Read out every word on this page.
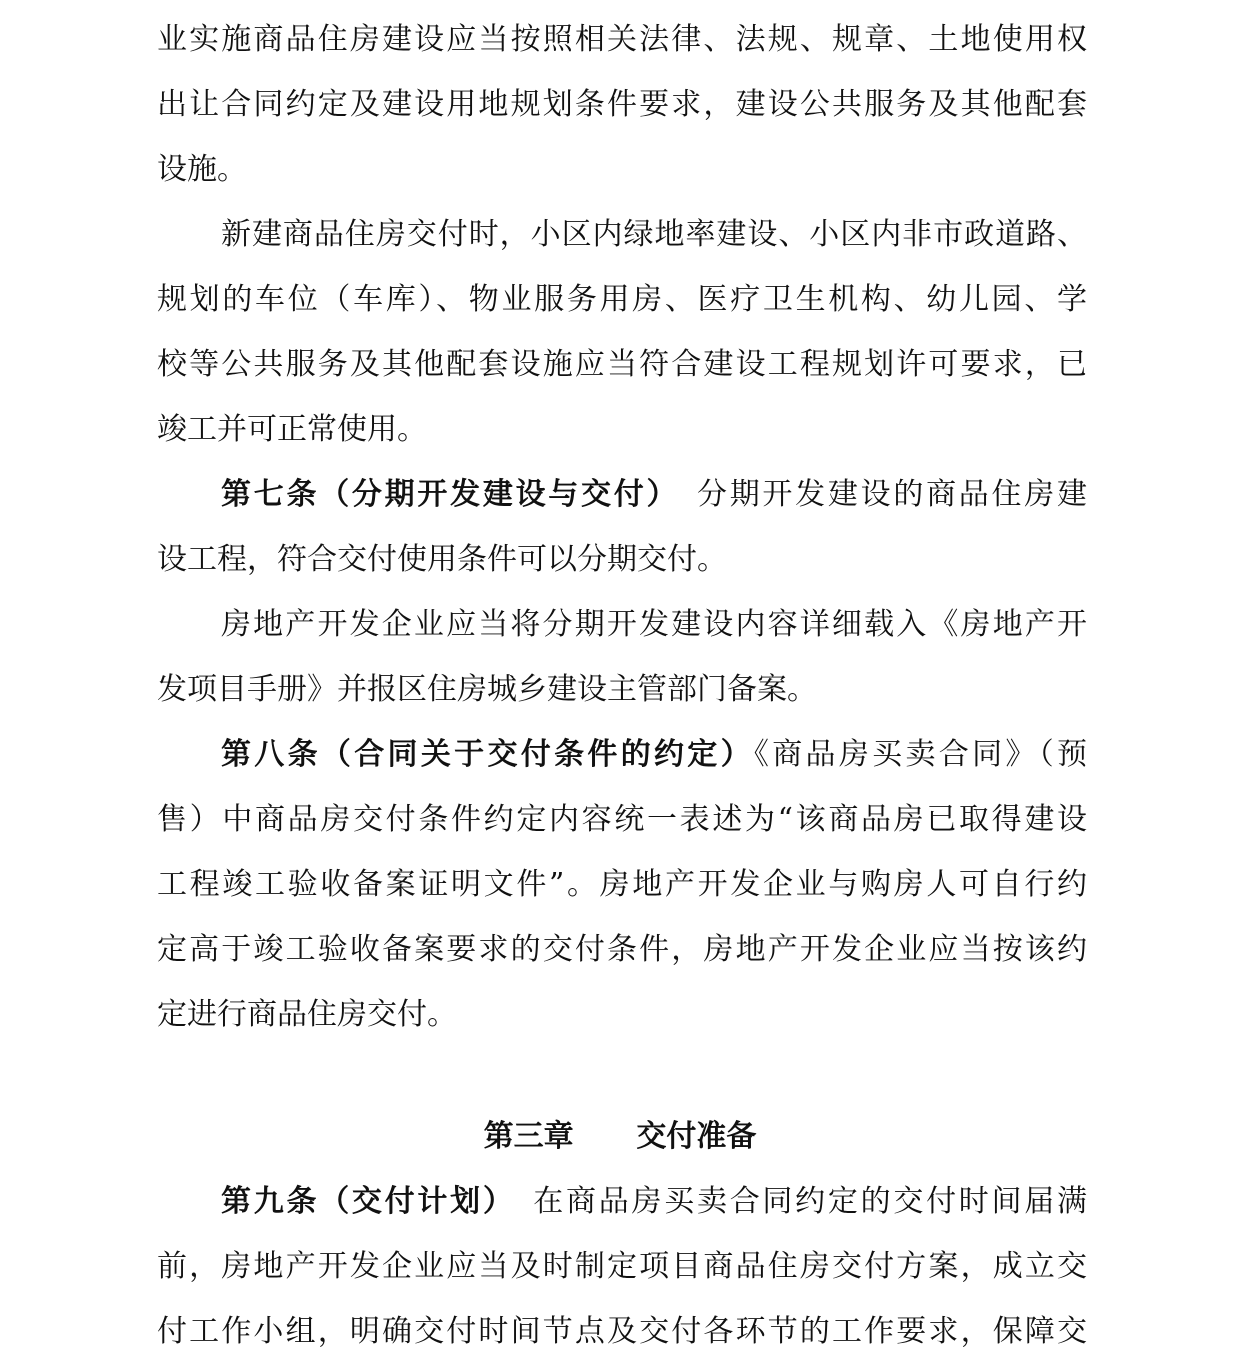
业实施商品住房建设应当按照相关法律、法规、规章、土地使用权
出让合同约定及建设用地规划条件要求，建设公共服务及其他配套
设施。
新建商品住房交付时，小区内绿地率建设、小区内非市政道路、
规划的车位（车库）、物业服务用房、医疗卫生机构、幼儿园、学
校等公共服务及其他配套设施应当符合建设工程规划许可要求，已
竣工并可正常使用。
第七条（分期开发建设与交付）  分期开发建设的商品住房建
设工程，符合交付使用条件可以分期交付。
房地产开发企业应当将分期开发建设内容详细载入《房地产开
发项目手册》并报区住房城乡建设主管部门备案。
第八条（合同关于交付条件的约定）《商品房买卖合同》（预
售）中商品房交付条件约定内容统一表述为“该商品房已取得建设
工程竣工验收备案证明文件”。房地产开发企业与购房人可自行约
定高于竣工验收备案要求的交付条件，房地产开发企业应当按该约
定进行商品住房交付。
第九条（交付计划）  在商品房买卖合同约定的交付时间届满
前，房地产开发企业应当及时制定项目商品住房交付方案，成立交
付工作小组，明确交付时间节点及交付各环节的工作要求，保障交
第三章      交付准备
